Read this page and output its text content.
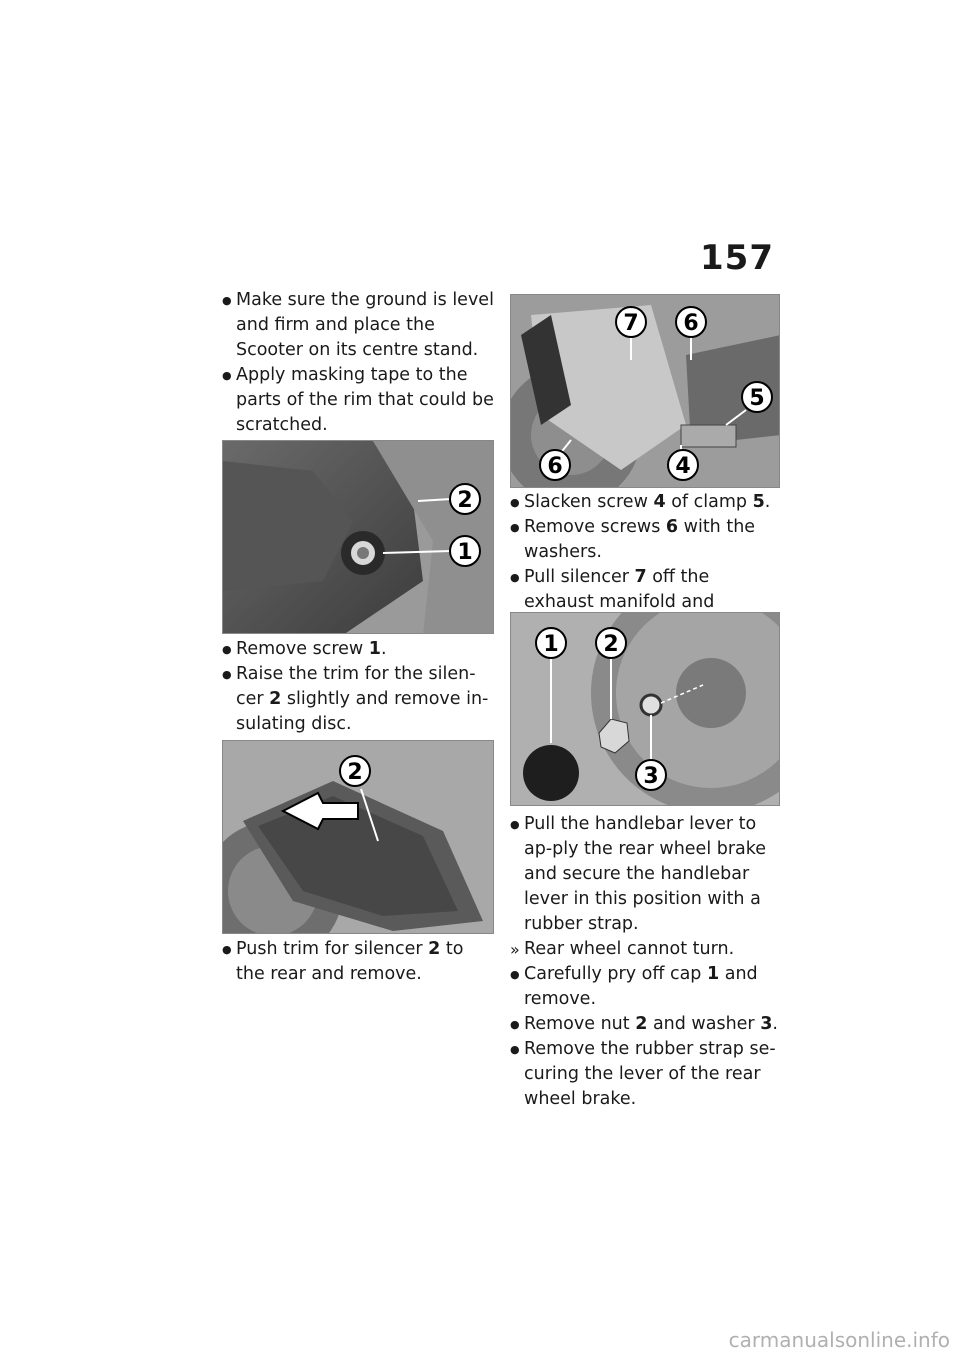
157
● Make sure the ground is level and firm and place the Scooter on its centre stand.
● Apply masking tape to the parts of the rim that could be scratched.
2
1
● Remove screw 1.
● Raise the trim for the silen-cer 2 slightly and remove in-sulating disc.
2
● Push trim for silencer 2 to the rear and remove.
7 6
5
6	4
● Slacken screw 4 of clamp 5.
● Remove screws 6 with the washers.
● Pull silencer 7 off the exhaust manifold and
1 2
3
● Pull the handlebar lever to ap-ply the rear wheel brake and secure the handlebar lever in this position with a rubber strap.
» Rear wheel cannot turn.
● Carefully pry off cap 1 and remove.
● Remove nut 2 and washer 3.
● Remove the rubber strap se-curing the lever of the rear wheel brake.
carmanualsonline.info
